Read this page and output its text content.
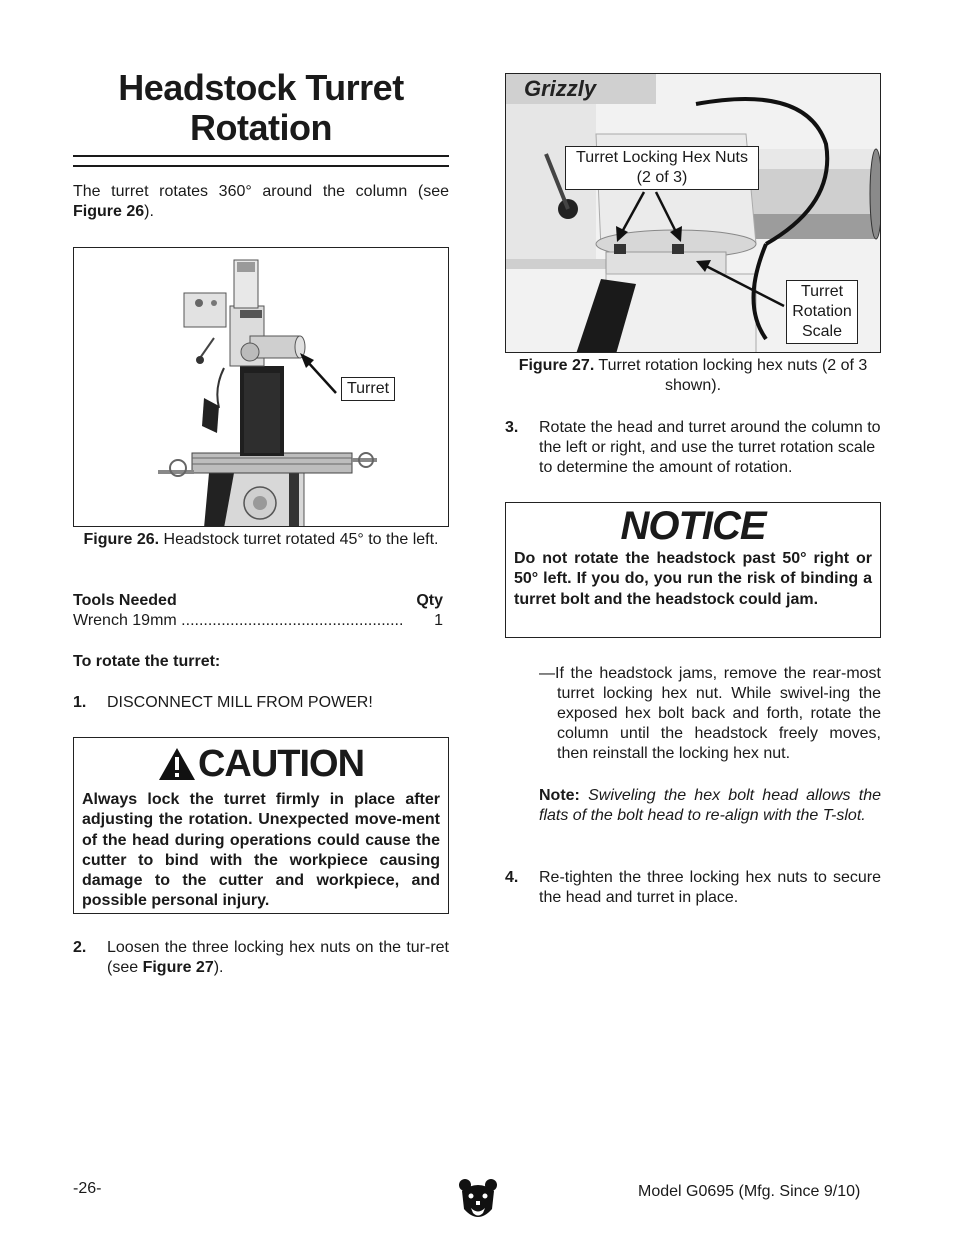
Headstock Turret
Rotation

The turret rotates 360° around the column (see Figure 26).

Turret

Figure 26. Headstock turret rotated 45° to the left.

Tools Needed	Qty
Wrench 19mm ..................................................	1

To rotate the turret:

1.	DISCONNECT MILL FROM POWER!
CAUTION

Always lock the turret firmly in place after adjusting the rotation. Unexpected move-ment of the head during operations could cause the cutter to bind with the workpiece causing damage to the cutter and workpiece, and possible personal injury.

2.	Loosen the three locking hex nuts on the tur-ret (see Figure 27).
Grizzly
Turret Locking Hex Nuts
(2 of 3)
Turret
Rotation
Scale

Figure 27. Turret rotation locking hex nuts (2 of 3 shown).

3.	Rotate the head and turret around the column to the left or right, and use the turret rotation scale to determine the amount of rotation.
NOTICE

Do not rotate the headstock past 50° right or 50° left. If you do, you run the risk of binding a turret bolt and the headstock could jam.

—If the headstock jams, remove the rear-most turret locking hex nut. While swivel-ing the exposed hex bolt back and forth, rotate the column until the headstock freely moves, then reinstall the locking hex nut.

Note: Swiveling the hex bolt head allows the flats of the bolt head to re-align with the T-slot.

4.	Re-tighten the three locking hex nuts to secure the head and turret in place.
-26-	Model G0695 (Mfg. Since 9/10)
